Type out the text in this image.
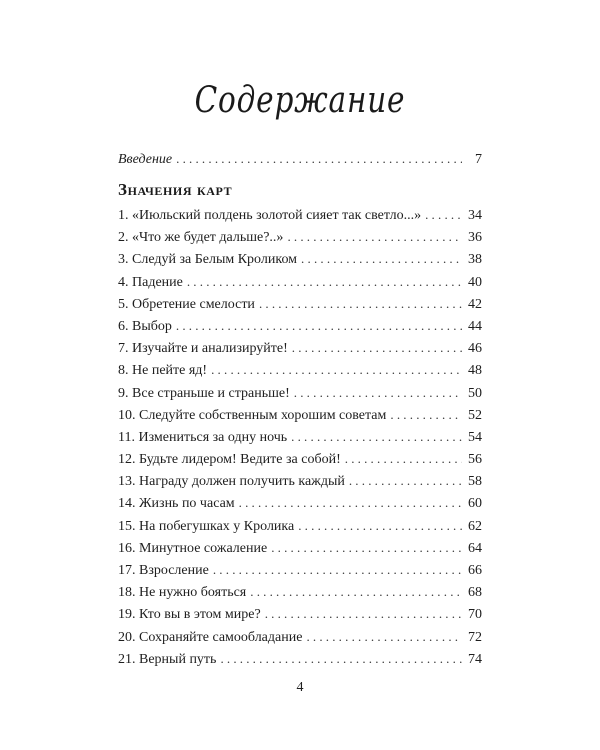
Содержание
Введение .....	7
Значения карт
1. «Июльский полдень золотой сияет так светло...» .....	34
2. «Что же будет дальше?..» .....	36
3. Следуй за Белым Кроликом .....	38
4. Падение .....	40
5. Обретение смелости .....	42
6. Выбор .....	44
7. Изучайте и анализируйте! .....	46
8. Не пейте яд! .....	48
9. Все страньше и страньше! .....	50
10. Следуйте собственным хорошим советам .....	52
11. Измениться за одну ночь .....	54
12. Будьте лидером! Ведите за собой! .....	56
13. Награду должен получить каждый .....	58
14. Жизнь по часам .....	60
15. На побегушках у Кролика .....	62
16. Минутное сожаление .....	64
17. Взросление .....	66
18. Не нужно бояться .....	68
19. Кто вы в этом мире? .....	70
20. Сохраняйте самообладание .....	72
21. Верный путь .....	74
4
